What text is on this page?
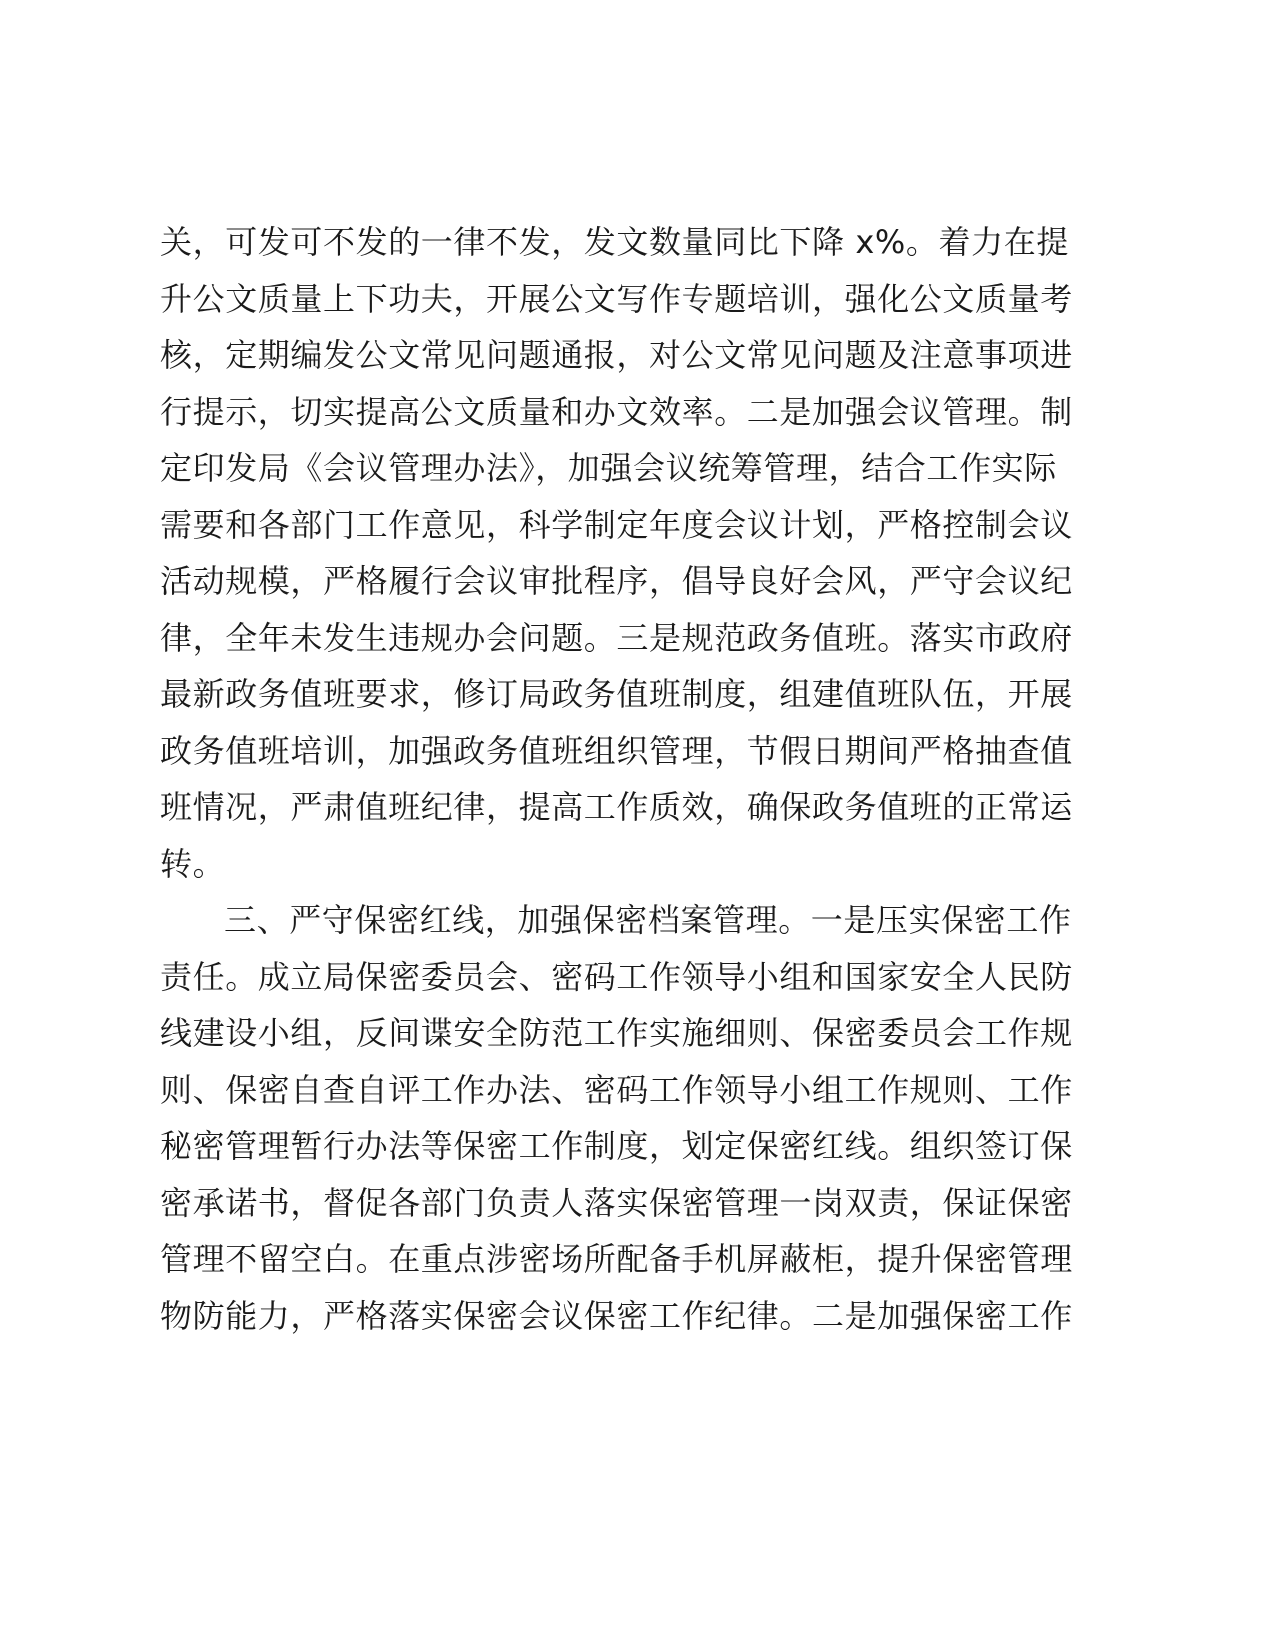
关，可发可不发的一律不发，发文数量同比下降 x%。着力在提
升公文质量上下功夫，开展公文写作专题培训，强化公文质量考
核，定期编发公文常见问题通报，对公文常见问题及注意事项进
行提示，切实提高公文质量和办文效率。二是加强会议管理。制
定印发局《会议管理办法》，加强会议统筹管理，结合工作实际
需要和各部门工作意见，科学制定年度会议计划，严格控制会议
活动规模，严格履行会议审批程序，倡导良好会风，严守会议纪
律，全年未发生违规办会问题。三是规范政务值班。落实市政府
最新政务值班要求，修订局政务值班制度，组建值班队伍，开展
政务值班培训，加强政务值班组织管理，节假日期间严格抽查值
班情况，严肃值班纪律，提高工作质效，确保政务值班的正常运
转。
三、严守保密红线，加强保密档案管理。一是压实保密工作
责任。成立局保密委员会、密码工作领导小组和国家安全人民防
线建设小组，反间谍安全防范工作实施细则、保密委员会工作规
则、保密自查自评工作办法、密码工作领导小组工作规则、工作
秘密管理暂行办法等保密工作制度，划定保密红线。组织签订保
密承诺书，督促各部门负责人落实保密管理一岗双责，保证保密
管理不留空白。在重点涉密场所配备手机屏蔽柜，提升保密管理
物防能力，严格落实保密会议保密工作纪律。二是加强保密工作
